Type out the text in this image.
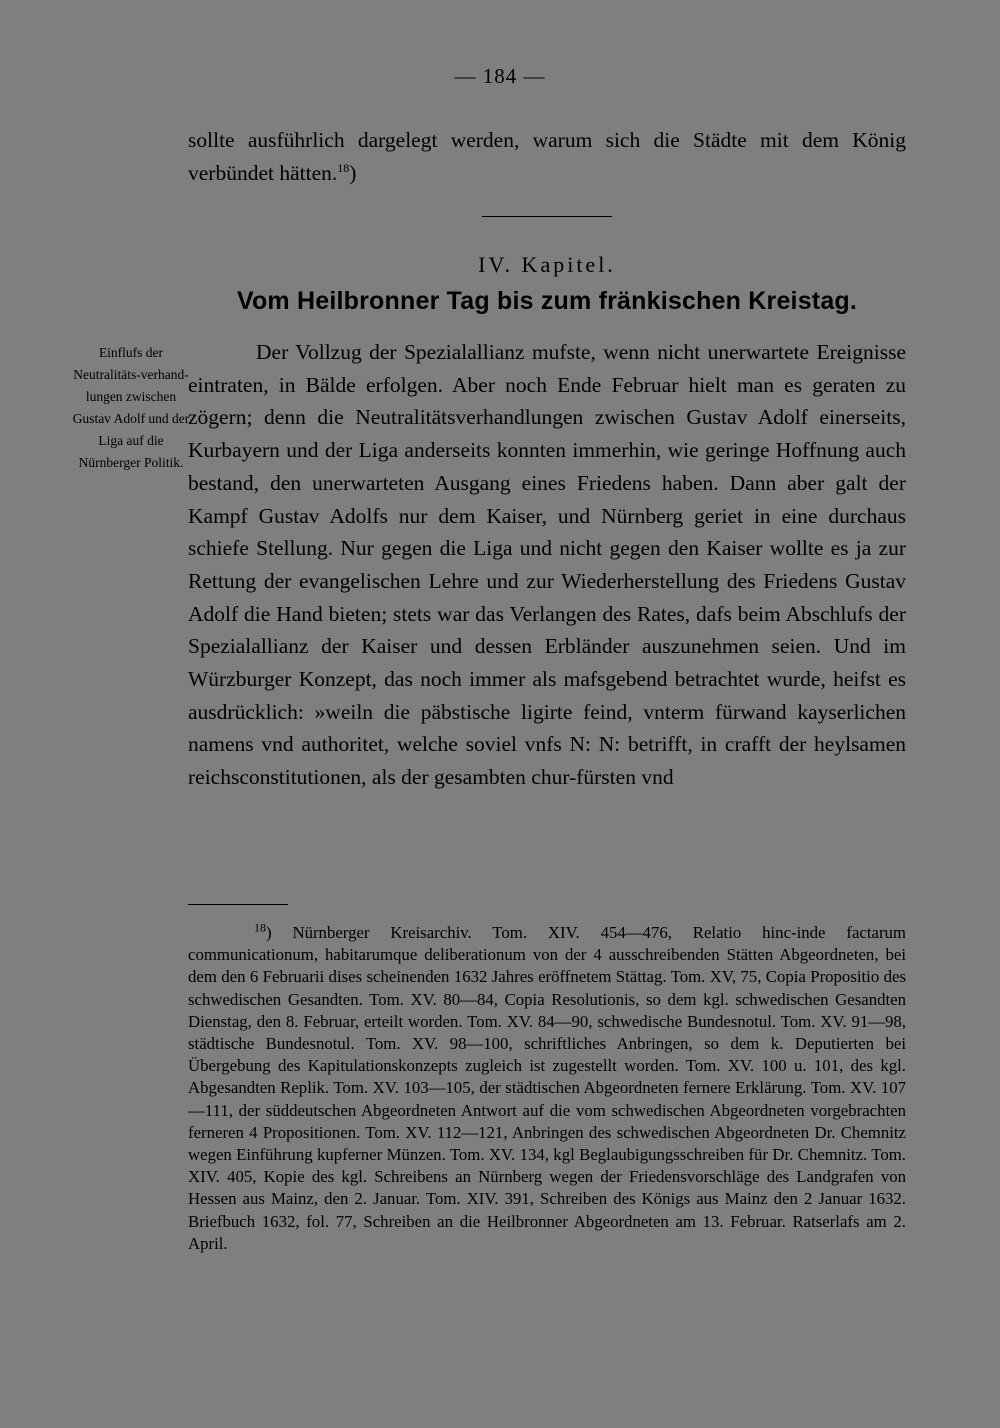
— 184 —

sollte ausführlich dargelegt werden, warum sich die Städte mit dem König verbündet hätten.$^{18}$)

IV. Kapitel.
Vom Heilbronner Tag bis zum fränkischen Kreistag.
Einflufs der Neutralitäts-verhand-lungen zwischen Gustav Adolf und der Liga auf die Nürnberger Politik.

Der Vollzug der Spezialallianz mufste, wenn nicht unerwartete Ereignisse eintraten, in Bälde erfolgen. Aber noch Ende Februar hielt man es geraten zu zögern; denn die Neutralitätsverhandlungen zwischen Gustav Adolf einerseits, Kurbayern und der Liga anderseits konnten immerhin, wie geringe Hoffnung auch bestand, den unerwarteten Ausgang eines Friedens haben. Dann aber galt der Kampf Gustav Adolfs nur dem Kaiser, und Nürnberg geriet in eine durchaus schiefe Stellung. Nur gegen die Liga und nicht gegen den Kaiser wollte es ja zur Rettung der evangelischen Lehre und zur Wiederherstellung des Friedens Gustav Adolf die Hand bieten; stets war das Verlangen des Rates, dafs beim Abschlufs der Spezialallianz der Kaiser und dessen Erbländer auszunehmen seien. Und im Würzburger Konzept, das noch immer als mafsgebend betrachtet wurde, heifst es ausdrücklich: »weiln die päbstische ligirte feind, vnterm fürwand kayserlichen namens vnd authoritet, welche soviel vnfs N: N: betrifft, in crafft der heylsamen reichsconstitutionen, als der gesambten chur-fürsten vnd

$^{18}$) Nürnberger Kreisarchiv. Tom. XIV. 454—476, Relatio hinc-inde factarum communicationum, habitarumque deliberationum von der 4 ausschreibenden Stätten Abgeordneten, bei dem den 6 Februarii dises scheinenden 1632 Jahres eröffnetem Stättag. Tom. XV, 75, Copia Propositio des schwedischen Gesandten. Tom. XV. 80—84, Copia Resolutionis, so dem kgl. schwedischen Gesandten Dienstag, den 8. Februar, erteilt worden. Tom. XV. 84—90, schwedische Bundesnotul. Tom. XV. 91—98, städtische Bundesnotul. Tom. XV. 98—100, schriftliches Anbringen, so dem k. Deputierten bei Übergebung des Kapitulationskonzepts zugleich ist zugestellt worden. Tom. XV. 100 u. 101, des kgl. Abgesandten Replik. Tom. XV. 103—105, der städtischen Abgeordneten fernere Erklärung. Tom. XV. 107—111, der süddeutschen Abgeordneten Antwort auf die vom schwedischen Abgeordneten vorgebrachten ferneren 4 Propositionen. Tom. XV. 112—121, Anbringen des schwedischen Abgeordneten Dr. Chemnitz wegen Einführung kupferner Münzen. Tom. XV. 134, kgl Beglaubigungsschreiben für Dr. Chemnitz. Tom. XIV. 405, Kopie des kgl. Schreibens an Nürnberg wegen der Friedensvorschläge des Landgrafen von Hessen aus Mainz, den 2. Januar. Tom. XIV. 391, Schreiben des Königs aus Mainz den 2 Januar 1632. Briefbuch 1632, fol. 77, Schreiben an die Heilbronner Abgeordneten am 13. Februar. Ratserlafs am 2. April.
